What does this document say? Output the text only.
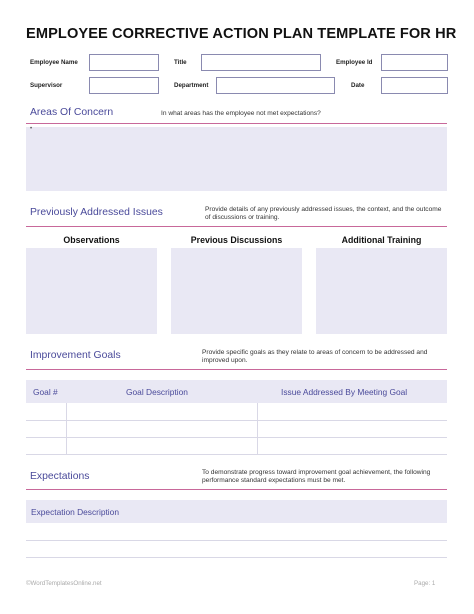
EMPLOYEE CORRECTIVE ACTION PLAN TEMPLATE FOR HR
Employee Name	Title	Employee Id
Supervisor	Department	Date
Areas Of Concern	In what areas has the employee not met expectations?
•
Previously Addressed Issues	Provide details of any previously addressed issues, the context, and the outcome of discussions or training.
Observations	Previous Discussions	Additional Training
Improvement Goals	Provide specific goals as they relate to areas of concern to be addressed and improved upon.
Goal #	Goal Description	Issue Addressed By Meeting Goal
Expectations	To demonstrate progress toward improvement goal achievement, the following performance standard expectations must be met.
Expectation Description
©WordTemplatesOnline.net	Page: 1
